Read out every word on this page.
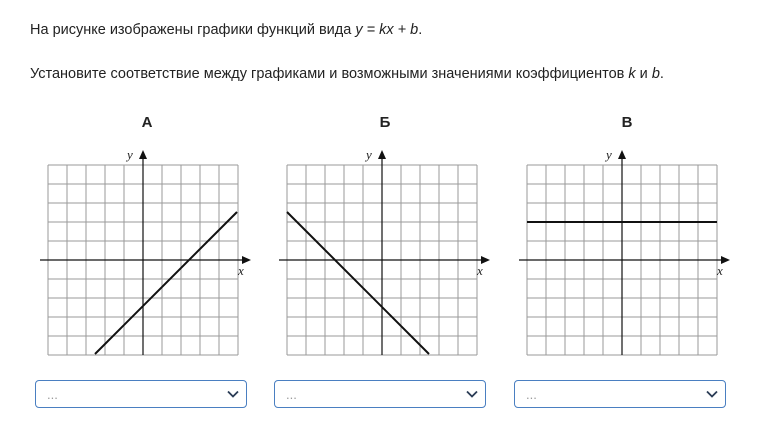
На рисунке изображены графики функций вида y = kx + b.
Установите соответствие между графиками и возможными значениями коэффициентов k и b.
А
x
y
Б
x
y
В
x
y
...	...	...
